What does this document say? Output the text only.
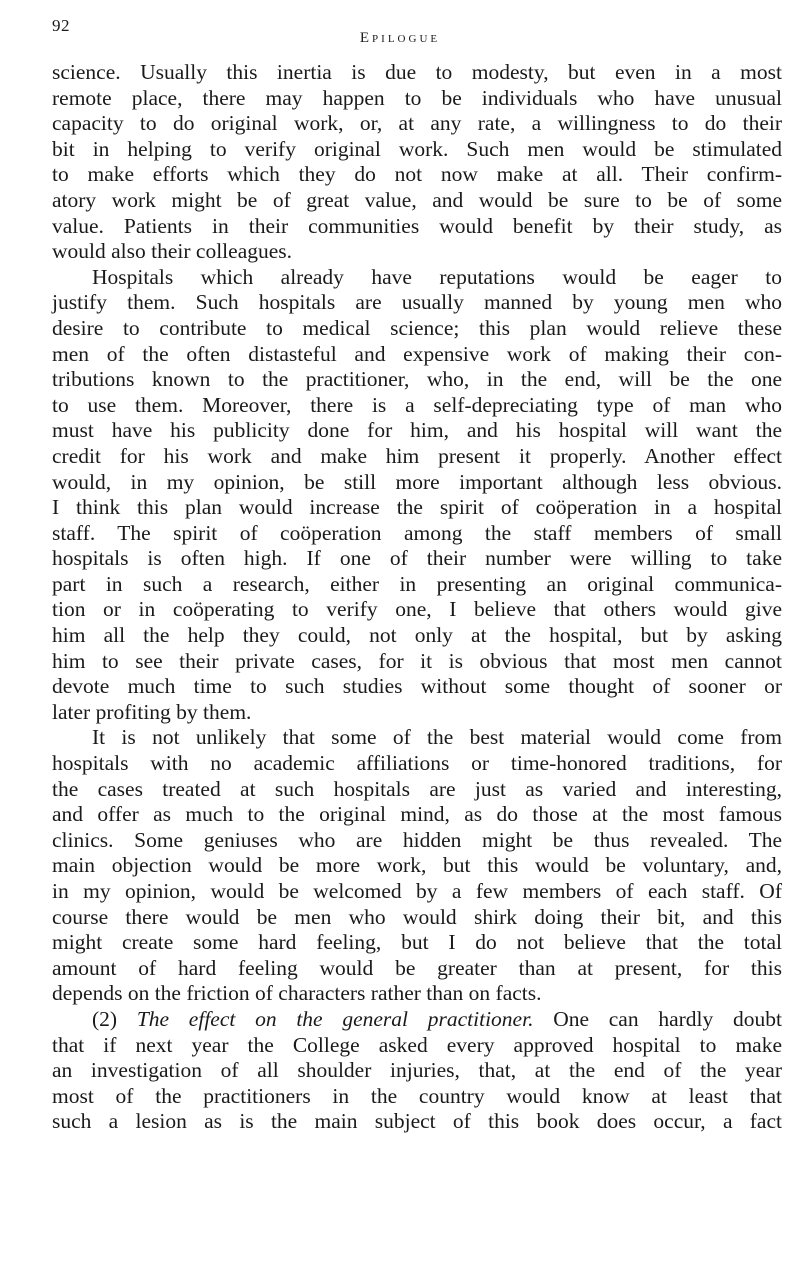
92
Epilogue

science. Usually this inertia is due to modesty, but even in a most
remote place, there may happen to be individuals who have unusual
capacity to do original work, or, at any rate, a willingness to do their
bit in helping to verify original work. Such men would be stimulated
to make efforts which they do not now make at all. Their confirm-
atory work might be of great value, and would be sure to be of some
value. Patients in their communities would benefit by their study, as
would also their colleagues.

Hospitals which already have reputations would be eager to
justify them. Such hospitals are usually manned by young men who
desire to contribute to medical science; this plan would relieve these
men of the often distasteful and expensive work of making their con-
tributions known to the practitioner, who, in the end, will be the one
to use them. Moreover, there is a self-depreciating type of man who
must have his publicity done for him, and his hospital will want the
credit for his work and make him present it properly. Another effect
would, in my opinion, be still more important although less obvious.
I think this plan would increase the spirit of coöperation in a hospital
staff. The spirit of coöperation among the staff members of small
hospitals is often high. If one of their number were willing to take
part in such a research, either in presenting an original communica-
tion or in coöperating to verify one, I believe that others would give
him all the help they could, not only at the hospital, but by asking
him to see their private cases, for it is obvious that most men cannot
devote much time to such studies without some thought of sooner or
later profiting by them.

It is not unlikely that some of the best material would come from
hospitals with no academic affiliations or time-honored traditions, for
the cases treated at such hospitals are just as varied and interesting,
and offer as much to the original mind, as do those at the most famous
clinics. Some geniuses who are hidden might be thus revealed. The
main objection would be more work, but this would be voluntary, and,
in my opinion, would be welcomed by a few members of each staff. Of
course there would be men who would shirk doing their bit, and this
might create some hard feeling, but I do not believe that the total
amount of hard feeling would be greater than at present, for this
depends on the friction of characters rather than on facts.

(2) The effect on the general practitioner. One can hardly doubt
that if next year the College asked every approved hospital to make
an investigation of all shoulder injuries, that, at the end of the year
most of the practitioners in the country would know at least that
such a lesion as is the main subject of this book does occur, a fact
